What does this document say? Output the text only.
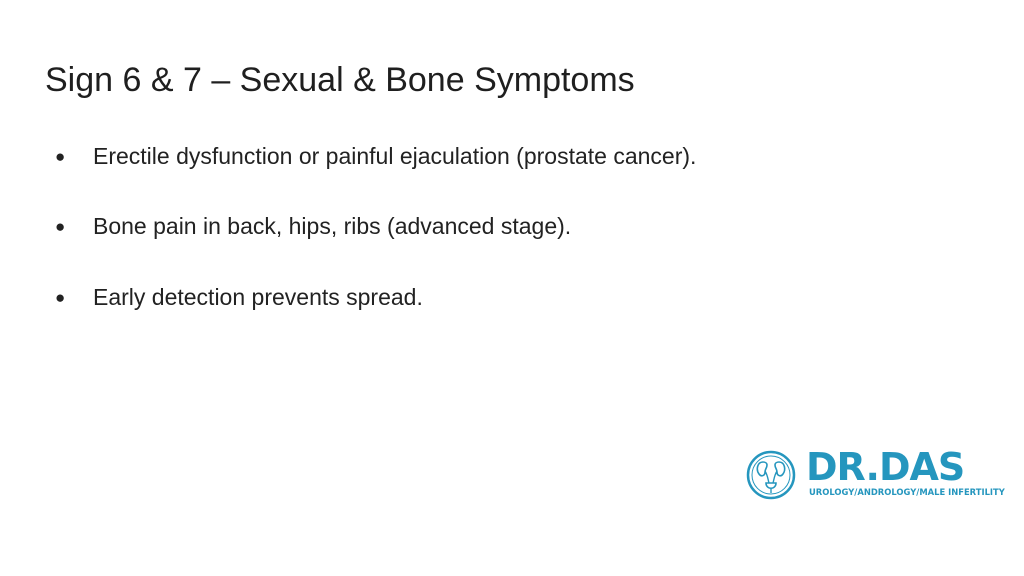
Sign 6 & 7 – Sexual & Bone Symptoms
● Erectile dysfunction or painful ejaculation (prostate cancer).
● Bone pain in back, hips, ribs (advanced stage).
● Early detection prevents spread.
DR.DAS
UROLOGY/ANDROLOGY/MALE INFERTILITY
